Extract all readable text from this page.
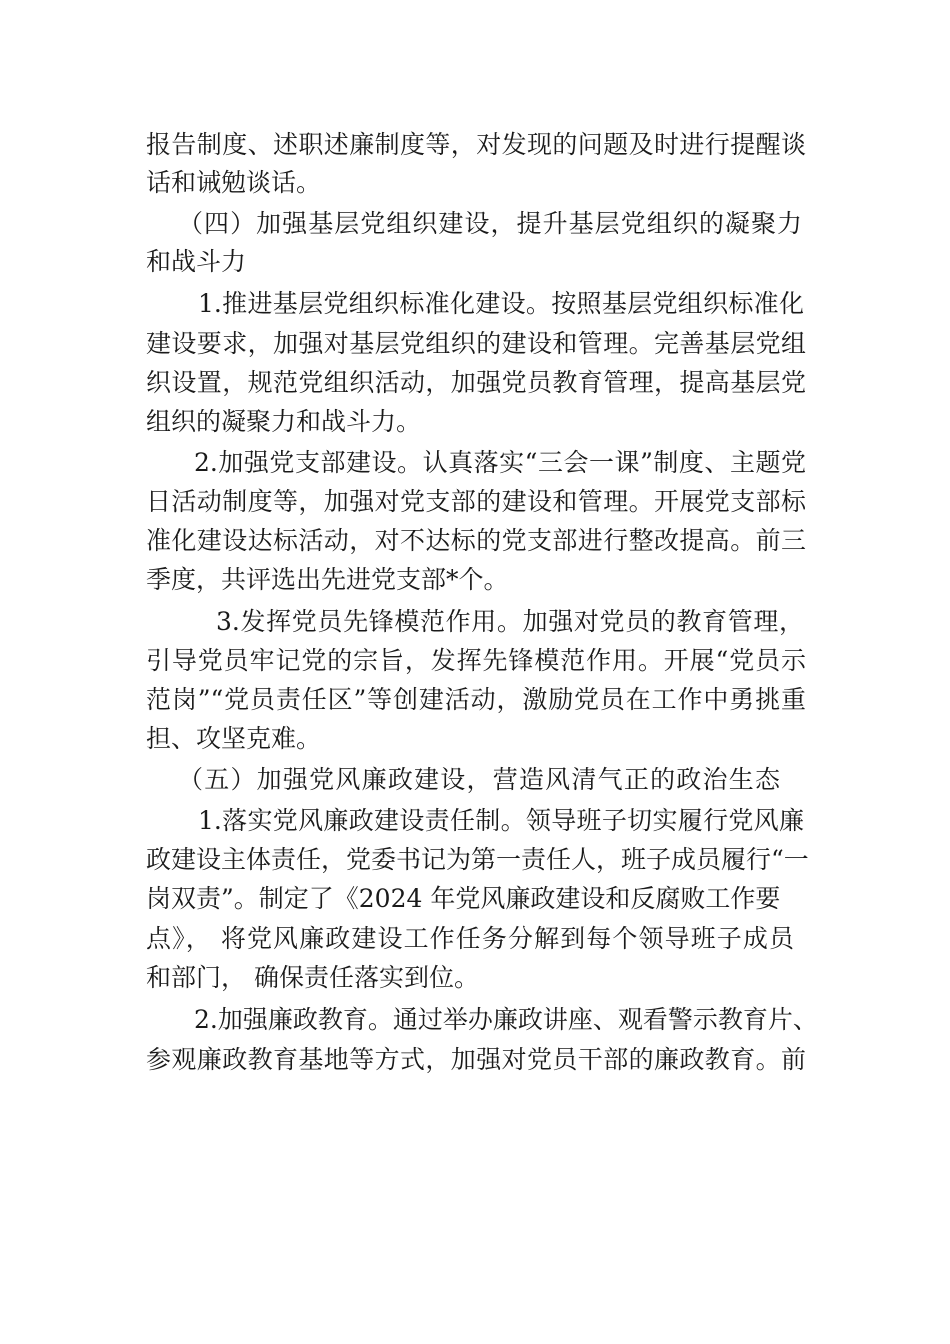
报告制度、述职述廉制度等，对发现的问题及时进行提醒谈
话和诫勉谈话。
（四）加强基层党组织建设，提升基层党组织的凝聚力
和战斗力
1.推进基层党组织标准化建设。按照基层党组织标准化
建设要求，加强对基层党组织的建设和管理。完善基层党组
织设置，规范党组织活动，加强党员教育管理，提高基层党
组织的凝聚力和战斗力。
2.加强党支部建设。认真落实“三会一课”制度、主题党
日活动制度等，加强对党支部的建设和管理。开展党支部标
准化建设达标活动，对不达标的党支部进行整改提高。前三
季度，共评选出先进党支部*个。
3.发挥党员先锋模范作用。加强对党员的教育管理，
引导党员牢记党的宗旨，发挥先锋模范作用。开展“党员示
范岗”“党员责任区”等创建活动，激励党员在工作中勇挑重
担、攻坚克难。
（五）加强党风廉政建设，营造风清气正的政治生态
1.落实党风廉政建设责任制。领导班子切实履行党风廉
政建设主体责任，党委书记为第一责任人，班子成员履行“一
岗双责”。制定了《2024 年党风廉政建设和反腐败工作要
点》， 将党风廉政建设工作任务分解到每个领导班子成员
和部门， 确保责任落实到位。
2.加强廉政教育。通过举办廉政讲座、观看警示教育片、
参观廉政教育基地等方式，加强对党员干部的廉政教育。前
